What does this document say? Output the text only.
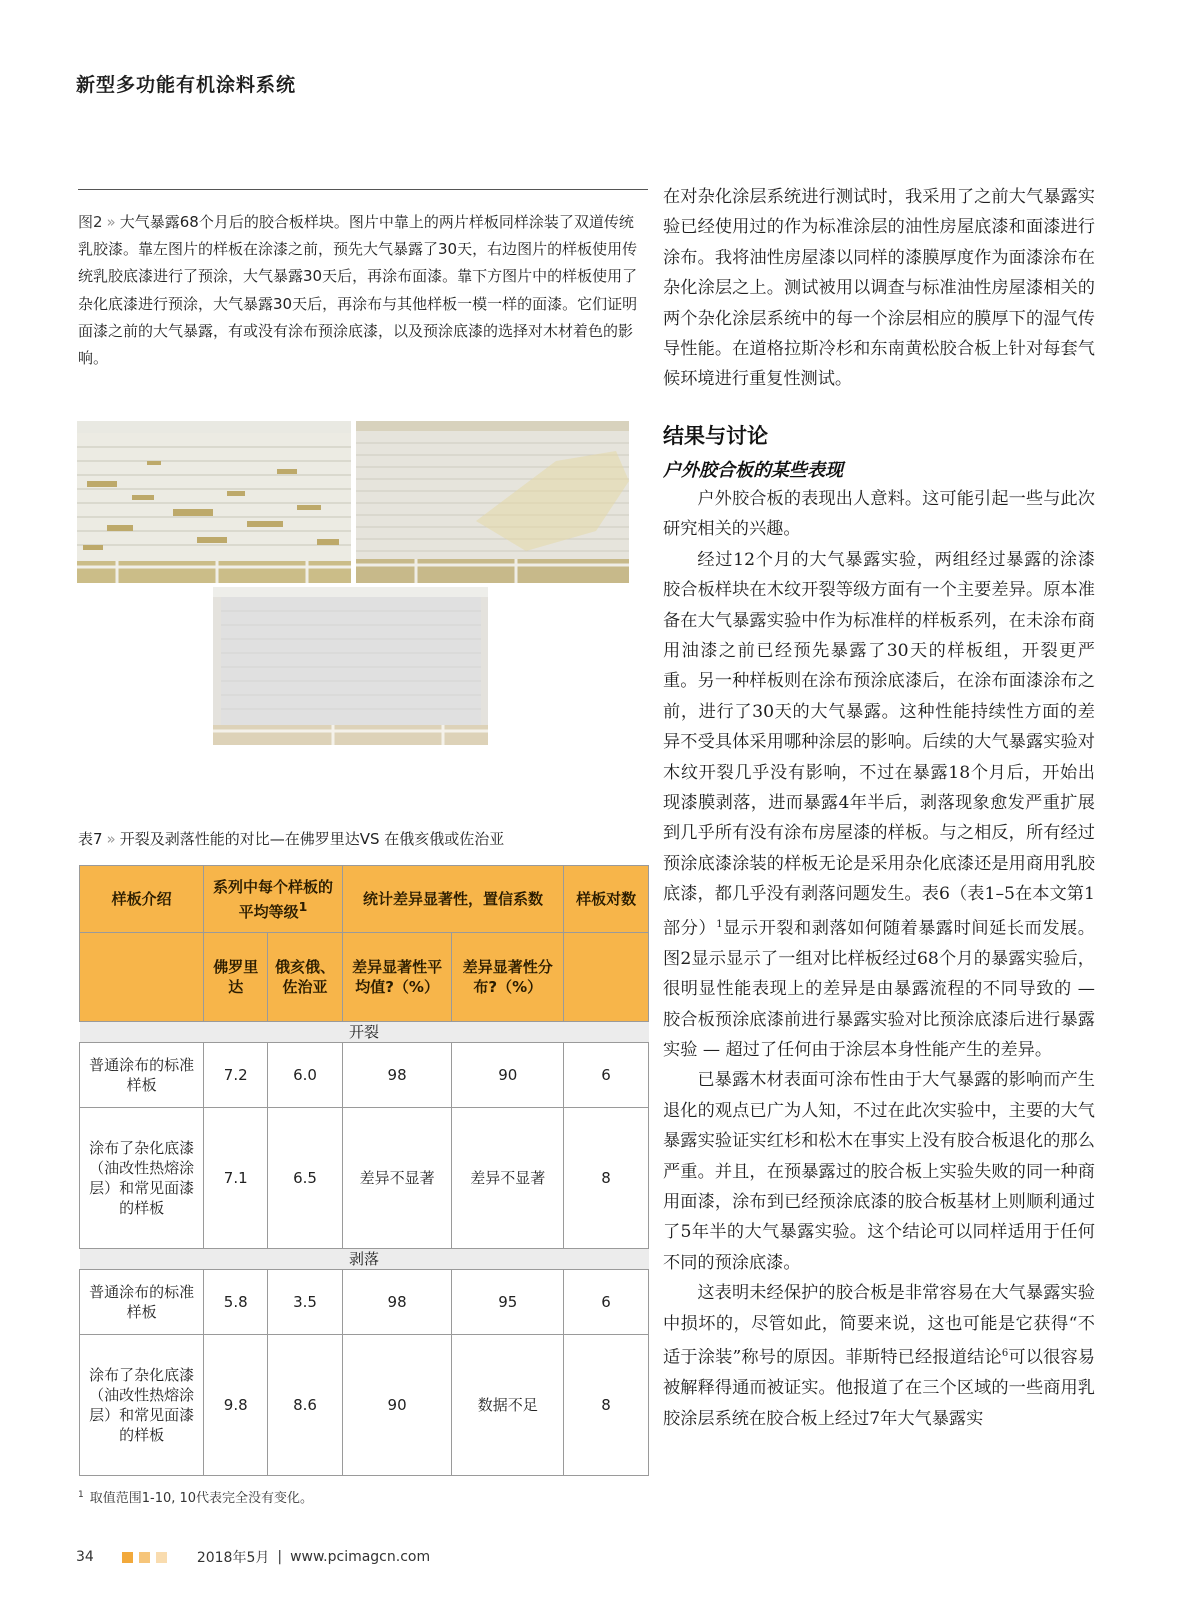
新型多功能有机涂料系统
图2 » 大气暴露68个月后的胶合板样块。图片中靠上的两片样板同样涂装了双道传统乳胶漆。靠左图片的样板在涂漆之前，预先大气暴露了30天，右边图片的样板使用传统乳胶底漆进行了预涂，大气暴露30天后，再涂布面漆。靠下方图片中的样板使用了杂化底漆进行预涂，大气暴露30天后，再涂布与其他样板一模一样的面漆。它们证明面漆之前的大气暴露，有或没有涂布预涂底漆，以及预涂底漆的选择对木材着色的影响。
表7 » 开裂及剥落性能的对比—在佛罗里达VS 在俄亥俄或佐治亚
样板介绍	系列中每个样板的平均等级$^1$		统计差异显著性，置信系数		样板对数
	佛罗里达	俄亥俄、佐治亚	差异显著性平均值?（%）	差异显著性分布?（%）	
开裂					
普通涂布的标准样板	7.2	6.0	98	90	6
涂布了杂化底漆（油改性热熔涂层）和常见面漆的样板	7.1	6.5	差异不显著	差异不显著	8
剥落					
普通涂布的标准样板	5.8	3.5	98	95	6
涂布了杂化底漆（油改性热熔涂层）和常见面漆的样板	9.8	8.6	90	数据不足	8
$^1$ 取值范围1-10, 10代表完全没有变化。

在对杂化涂层系统进行测试时，我采用了之前大气暴露实验已经使用过的作为标准涂层的油性房屋底漆和面漆进行涂布。我将油性房屋漆以同样的漆膜厚度作为面漆涂布在杂化涂层之上。测试被用以调查与标准油性房屋漆相关的两个杂化涂层系统中的每一个涂层相应的膜厚下的湿气传导性能。在道格拉斯冷杉和东南黄松胶合板上针对每套气候环境进行重复性测试。

结果与讨论

户外胶合板的某些表现

户外胶合板的表现出人意料。这可能引起一些与此次研究相关的兴趣。

经过12个月的大气暴露实验，两组经过暴露的涂漆胶合板样块在木纹开裂等级方面有一个主要差异。原本准备在大气暴露实验中作为标准样的样板系列，在未涂布商用油漆之前已经预先暴露了30天的样板组，开裂更严重。另一种样板则在涂布预涂底漆后，在涂布面漆涂布之前，进行了30天的大气暴露。这种性能持续性方面的差异不受具体采用哪种涂层的影响。后续的大气暴露实验对木纹开裂几乎没有影响，不过在暴露18个月后，开始出现漆膜剥落，进而暴露4年半后，剥落现象愈发严重扩展到几乎所有没有涂布房屋漆的样板。与之相反，所有经过预涂底漆涂装的样板无论是采用杂化底漆还是用商用乳胶底漆，都几乎没有剥落问题发生。表6（表1–5在本文第1部分）$^1$显示开裂和剥落如何随着暴露时间延长而发展。图2显示显示了一组对比样板经过68个月的暴露实验后，很明显性能表现上的差异是由暴露流程的不同导致的 — 胶合板预涂底漆前进行暴露实验对比预涂底漆后进行暴露实验 — 超过了任何由于涂层本身性能产生的差异。

已暴露木材表面可涂布性由于大气暴露的影响而产生退化的观点已广为人知，不过在此次实验中，主要的大气暴露实验证实红杉和松木在事实上没有胶合板退化的那么严重。并且，在预暴露过的胶合板上实验失败的同一种商用面漆，涂布到已经预涂底漆的胶合板基材上则顺利通过了5年半的大气暴露实验。这个结论可以同样适用于任何不同的预涂底漆。

这表明未经保护的胶合板是非常容易在大气暴露实验中损坏的，尽管如此，简要来说，这也可能是它获得“不适于涂装”称号的原因。菲斯特已经报道结论$^6$可以很容易被解释得通而被证实。他报道了在三个区域的一些商用乳胶涂层系统在胶合板上经过7年大气暴露实

34	2018年5月 | www.pcimagcn.com
